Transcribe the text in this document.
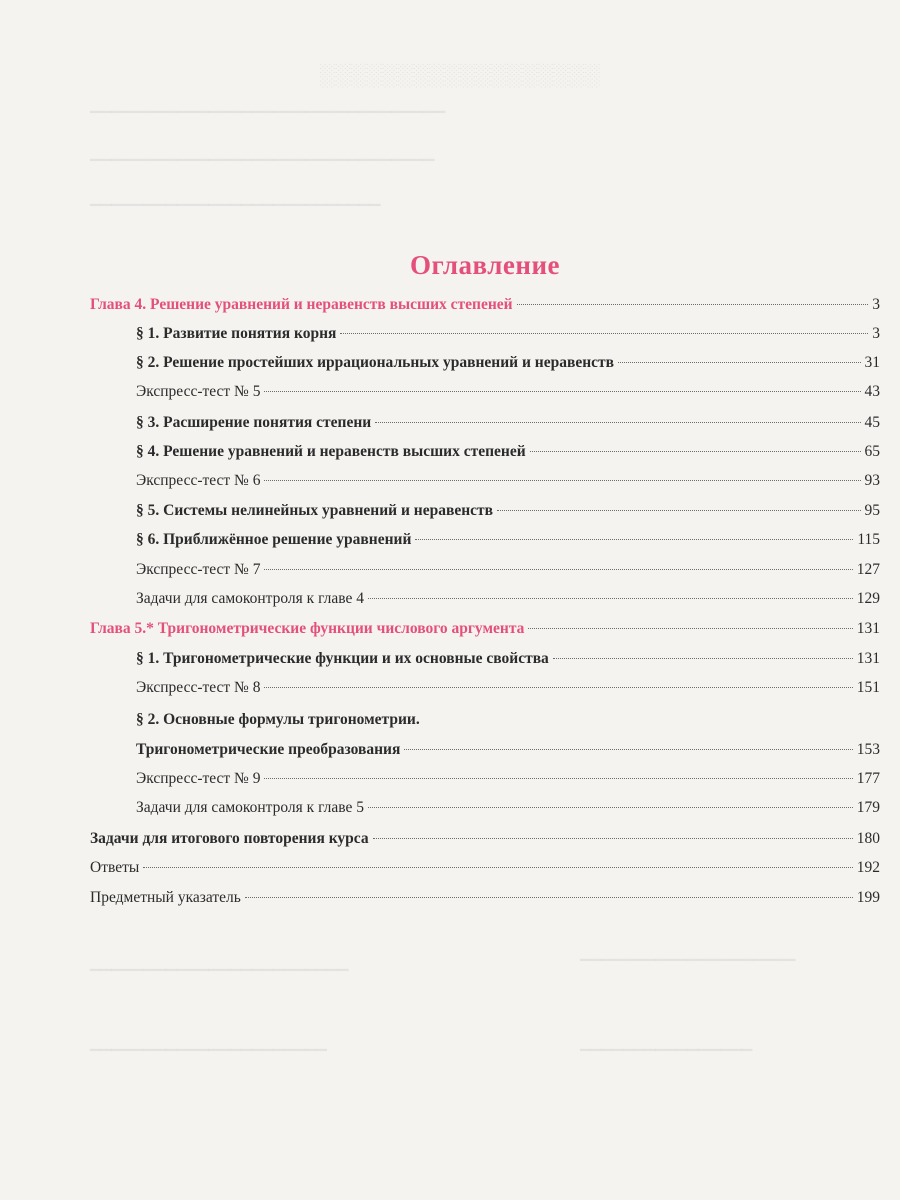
░░░░░░░░░░░░░░░░░░
▔▔▔▔▔▔▔▔▔▔▔▔▔▔▔▔▔▔▔▔▔▔▔▔▔▔▔▔▔▔▔▔▔
▔▔▔▔▔▔▔▔▔▔▔▔▔▔▔▔▔▔▔▔▔▔▔▔▔▔▔▔▔▔▔▔
▔▔▔▔▔▔▔▔▔▔▔▔▔▔▔▔▔▔▔▔▔▔▔▔▔▔▔
▔▔▔▔▔▔▔▔▔▔▔▔▔▔▔▔▔▔▔▔
▔▔▔▔▔▔▔▔▔▔▔▔▔▔▔▔▔▔▔▔▔▔▔▔
▔▔▔▔▔▔▔▔▔▔▔▔▔▔▔▔▔▔▔▔▔▔	▔▔▔▔▔▔▔▔▔▔▔▔▔▔▔▔
Оглавление
Глава 4. Решение уравнений и неравенств высших степеней	3
§ 1. Развитие понятия корня	3
§ 2. Решение простейших иррациональных уравнений и неравенств	31
Экспресс-тест № 5	43
§ 3. Расширение понятия степени	45
§ 4. Решение уравнений и неравенств высших степеней	65
Экспресс-тест № 6	93
§ 5. Системы нелинейных уравнений и неравенств	95
§ 6. Приближённое решение уравнений	115
Экспресс-тест № 7	127
Задачи для самоконтроля к главе 4	129
Глава 5.* Тригонометрические функции числового аргумента	131
§ 1. Тригонометрические функции и их основные свойства	131
Экспресс-тест № 8	151
§ 2. Основные формулы тригонометрии.
Тригонометрические преобразования	153
Экспресс-тест № 9	177
Задачи для самоконтроля к главе 5	179
Задачи для итогового повторения курса	180
Ответы	192
Предметный указатель	199
